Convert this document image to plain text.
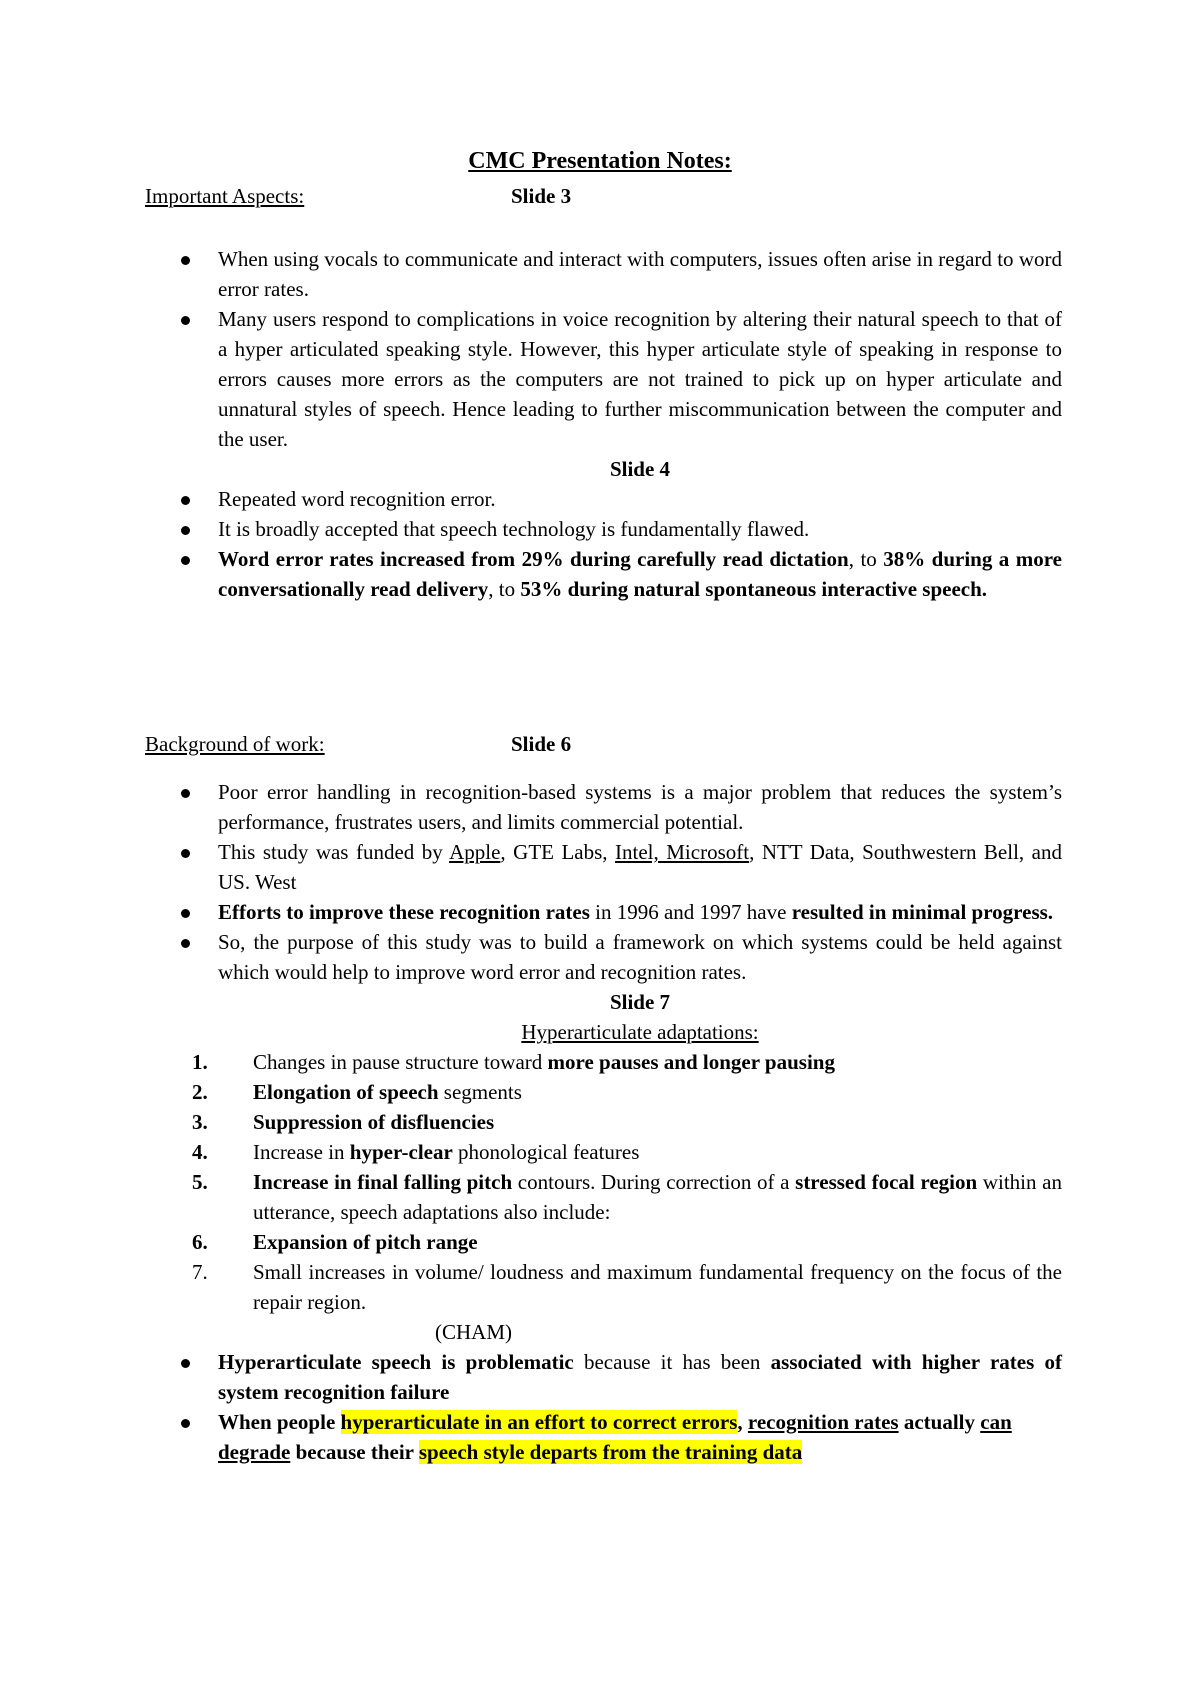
CMC Presentation Notes:
Important Aspects:	Slide 3
When using vocals to communicate and interact with computers, issues often arise in regard to word error rates.
Many users respond to complications in voice recognition by altering their natural speech to that of a hyper articulated speaking style. However, this hyper articulate style of speaking in response to errors causes more errors as the computers are not trained to pick up on hyper articulate and unnatural styles of speech. Hence leading to further miscommunication between the computer and the user.
Slide 4
Repeated word recognition error.
It is broadly accepted that speech technology is fundamentally flawed.
Word error rates increased from 29% during carefully read dictation, to 38% during a more conversationally read delivery, to 53% during natural spontaneous interactive speech.
Background of work:	Slide 6
Poor error handling in recognition-based systems is a major problem that reduces the system’s performance, frustrates users, and limits commercial potential.
This study was funded by Apple, GTE Labs, Intel, Microsoft, NTT Data, Southwestern Bell, and US. West
Efforts to improve these recognition rates in 1996 and 1997 have resulted in minimal progress.
So, the purpose of this study was to build a framework on which systems could be held against which would help to improve word error and recognition rates.
Slide 7
Hyperarticulate adaptations:
1. Changes in pause structure toward more pauses and longer pausing
2. Elongation of speech segments
3. Suppression of disfluencies
4. Increase in hyper-clear phonological features
5. Increase in final falling pitch contours. During correction of a stressed focal region within an utterance, speech adaptations also include:
6. Expansion of pitch range
7. Small increases in volume/ loudness and maximum fundamental frequency on the focus of the repair region.
(CHAM)
Hyperarticulate speech is problematic because it has been associated with higher rates of system recognition failure
When people hyperarticulate in an effort to correct errors, recognition rates actually can degrade because their speech style departs from the training data
